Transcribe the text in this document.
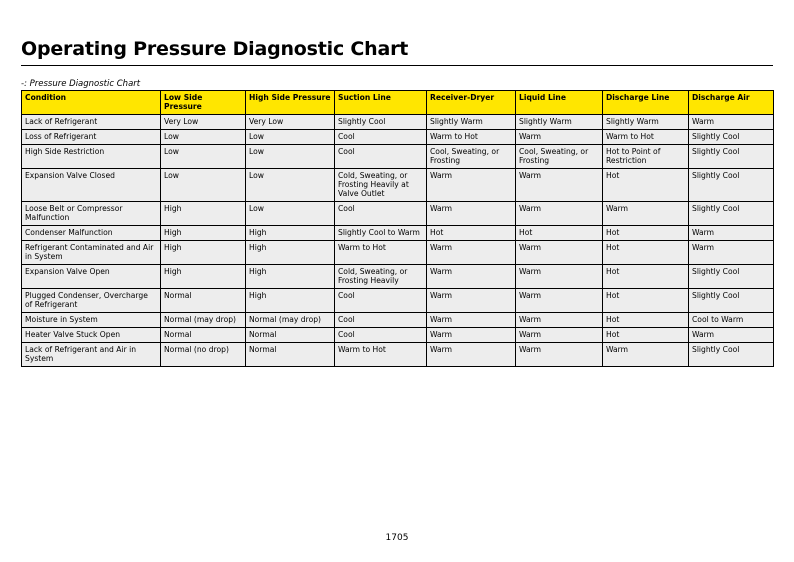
Operating Pressure Diagnostic Chart
-: Pressure Diagnostic Chart
Condition	Low Side Pressure	High Side Pressure	Suction Line	Receiver-Dryer	Liquid Line	Discharge Line	Discharge Air
Lack of Refrigerant	Very Low	Very Low	Slightly Cool	Slightly Warm	Slightly Warm	Slightly Warm	Warm
Loss of Refrigerant	Low	Low	Cool	Warm to Hot	Warm	Warm to Hot	Slightly Cool
High Side Restriction	Low	Low	Cool	Cool, Sweating, or Frosting	Cool, Sweating, or Frosting	Hot to Point of Restriction	Slightly Cool
Expansion Valve Closed	Low	Low	Cold, Sweating, or Frosting Heavily at Valve Outlet	Warm	Warm	Hot	Slightly Cool
Loose Belt or Compressor Malfunction	High	Low	Cool	Warm	Warm	Warm	Slightly Cool
Condenser Malfunction	High	High	Slightly Cool to Warm	Hot	Hot	Hot	Warm
Refrigerant Contaminated and Air in System	High	High	Warm to Hot	Warm	Warm	Hot	Warm
Expansion Valve Open	High	High	Cold, Sweating, or Frosting Heavily	Warm	Warm	Hot	Slightly Cool
Plugged Condenser, Overcharge of Refrigerant	Normal	High	Cool	Warm	Warm	Hot	Slightly Cool
Moisture in System	Normal (may drop)	Normal (may drop)	Cool	Warm	Warm	Hot	Cool to Warm
Heater Valve Stuck Open	Normal	Normal	Cool	Warm	Warm	Hot	Warm
Lack of Refrigerant and Air in System	Normal (no drop)	Normal	Warm to Hot	Warm	Warm	Warm	Slightly Cool
1705
